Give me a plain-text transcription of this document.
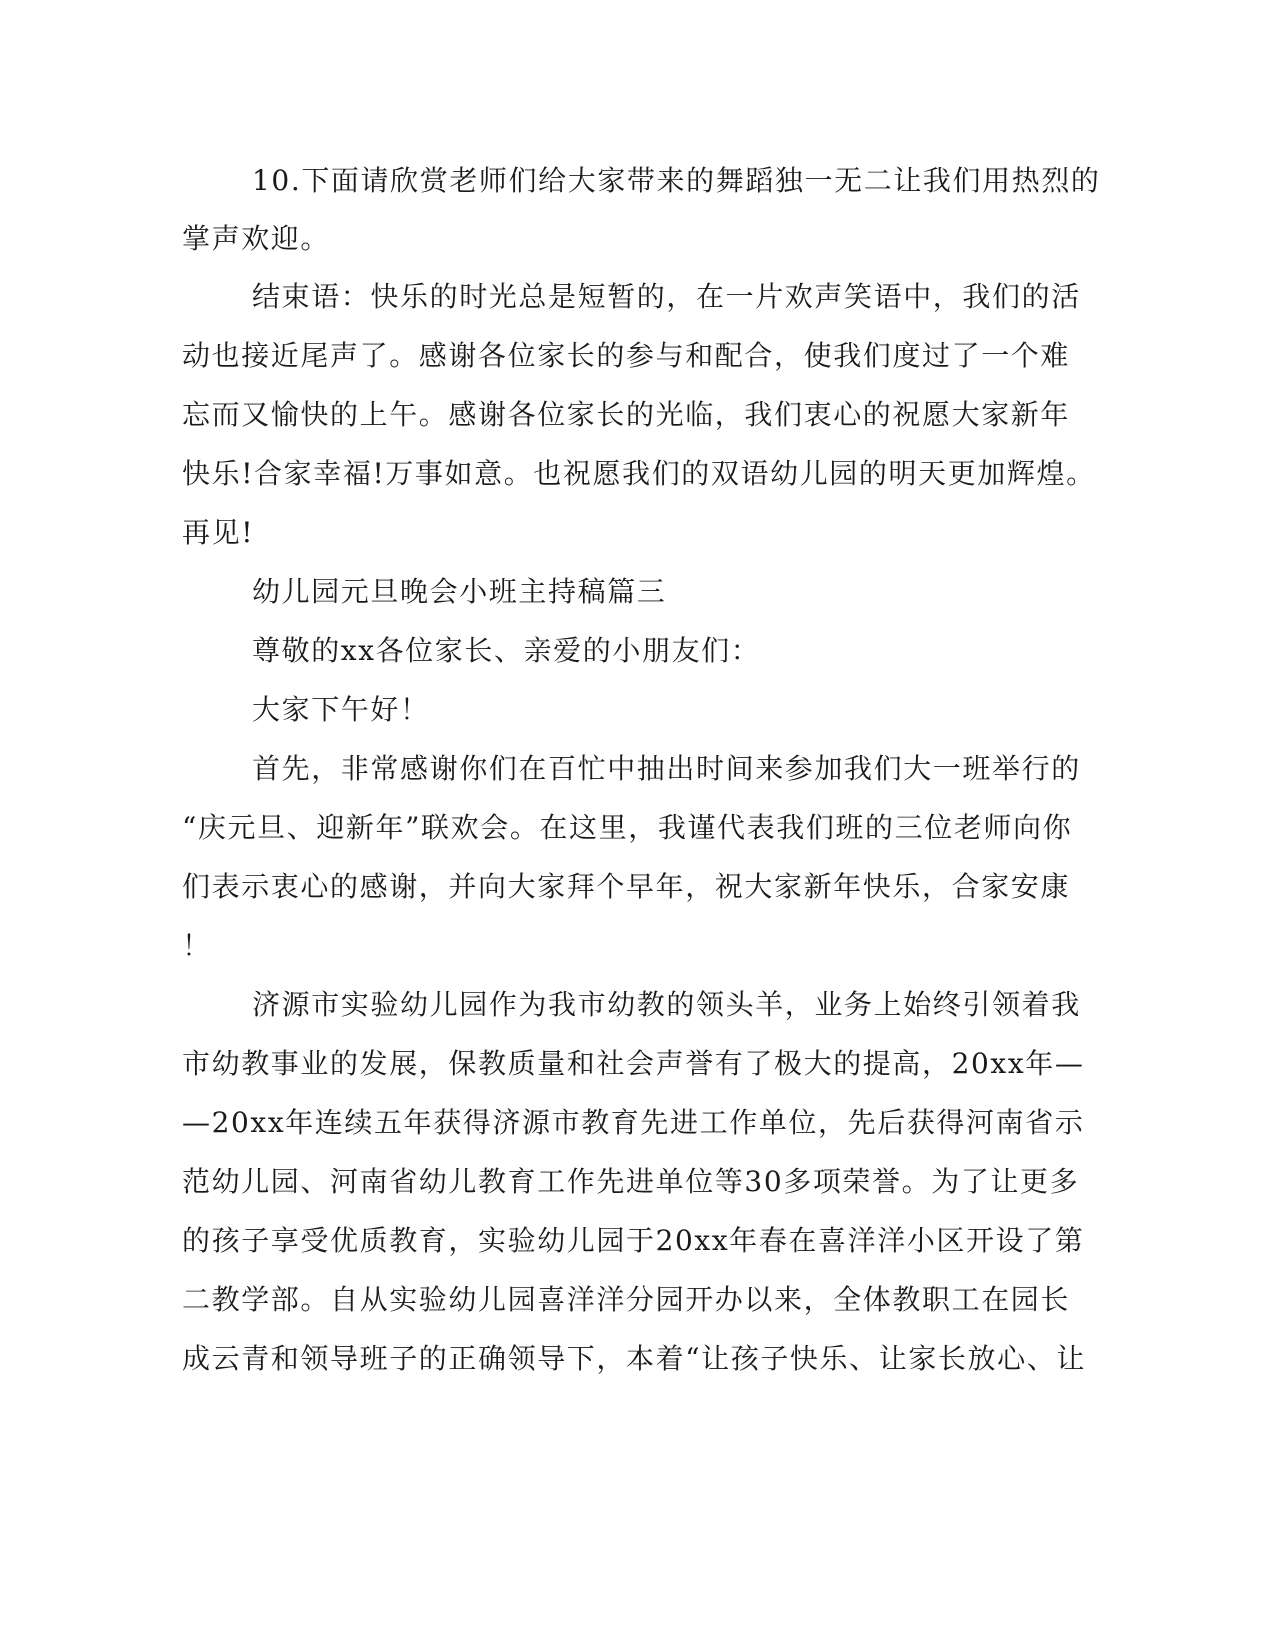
10.下面请欣赏老师们给大家带来的舞蹈独一无二让我们用热烈的

掌声欢迎。

结束语：快乐的时光总是短暂的，在一片欢声笑语中，我们的活

动也接近尾声了。感谢各位家长的参与和配合，使我们度过了一个难

忘而又愉快的上午。感谢各位家长的光临，我们衷心的祝愿大家新年

快乐!合家幸福!万事如意。也祝愿我们的双语幼儿园的明天更加辉煌。

再见!

幼儿园元旦晚会小班主持稿篇三

尊敬的xx各位家长、亲爱的小朋友们：

大家下午好！

首先，非常感谢你们在百忙中抽出时间来参加我们大一班举行的

“庆元旦、迎新年”联欢会。在这里，我谨代表我们班的三位老师向你

们表示衷心的感谢，并向大家拜个早年，祝大家新年快乐，合家安康

！

济源市实验幼儿园作为我市幼教的领头羊，业务上始终引领着我

市幼教事业的发展，保教质量和社会声誉有了极大的提高，20xx年—

—20xx年连续五年获得济源市教育先进工作单位，先后获得河南省示

范幼儿园、河南省幼儿教育工作先进单位等30多项荣誉。为了让更多

的孩子享受优质教育，实验幼儿园于20xx年春在喜洋洋小区开设了第

二教学部。自从实验幼儿园喜洋洋分园开办以来，全体教职工在园长

成云青和领导班子的正确领导下，本着“让孩子快乐、让家长放心、让
